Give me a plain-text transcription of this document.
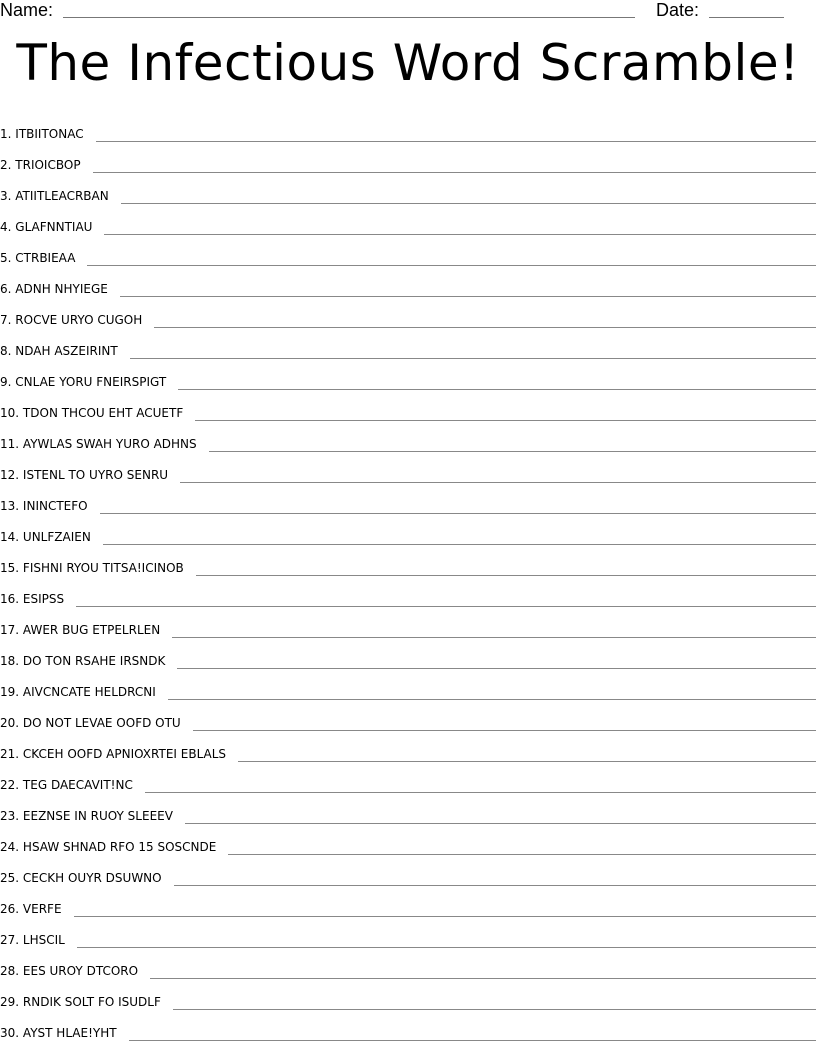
Name:	Date:
The Infectious Word Scramble!
1 . ITBIITONAC
2 . TRIOICBOP
3 . ATIITLEACRBAN
4 . GLAFNNTIAU
5 . CTRBIEAA
6 . ADNH NHYIEGE
7 . ROCVE URYO CUGOH
8 . NDAH ASZEIRINT
9 . CNLAE YORU FNEIRSPIGT
10 . TDON THCOU EHT ACUETF
11 . AYWLAS SWAH YURO ADHNS
12 . ISTENL TO UYRO SENRU
13 . ININCTEFO
14 . UNLFZAIEN
15 . FISHNI RYOU TITSA!ICINOB
16 . ESIPSS
17 . AWER BUG ETPELRLEN
18 . DO TON RSAHE IRSNDK
19 . AIVCNCATE HELDRCNI
20 . DO NOT LEVAE OOFD OTU
21 . CKCEH OOFD APNIOXRTEI EBLALS
22 . TEG DAECAVIT!NC
23 . EEZNSE IN RUOY SLEEEV
24 . HSAW SHNAD RFO 15 SOSCNDE
25 . CECKH OUYR DSUWNO
26 . VERFE
27 . LHSCIL
28 . EES UROY DTCORO
29 . RNDIK SOLT FO ISUDLF
30 . AYST HLAE!YHT
